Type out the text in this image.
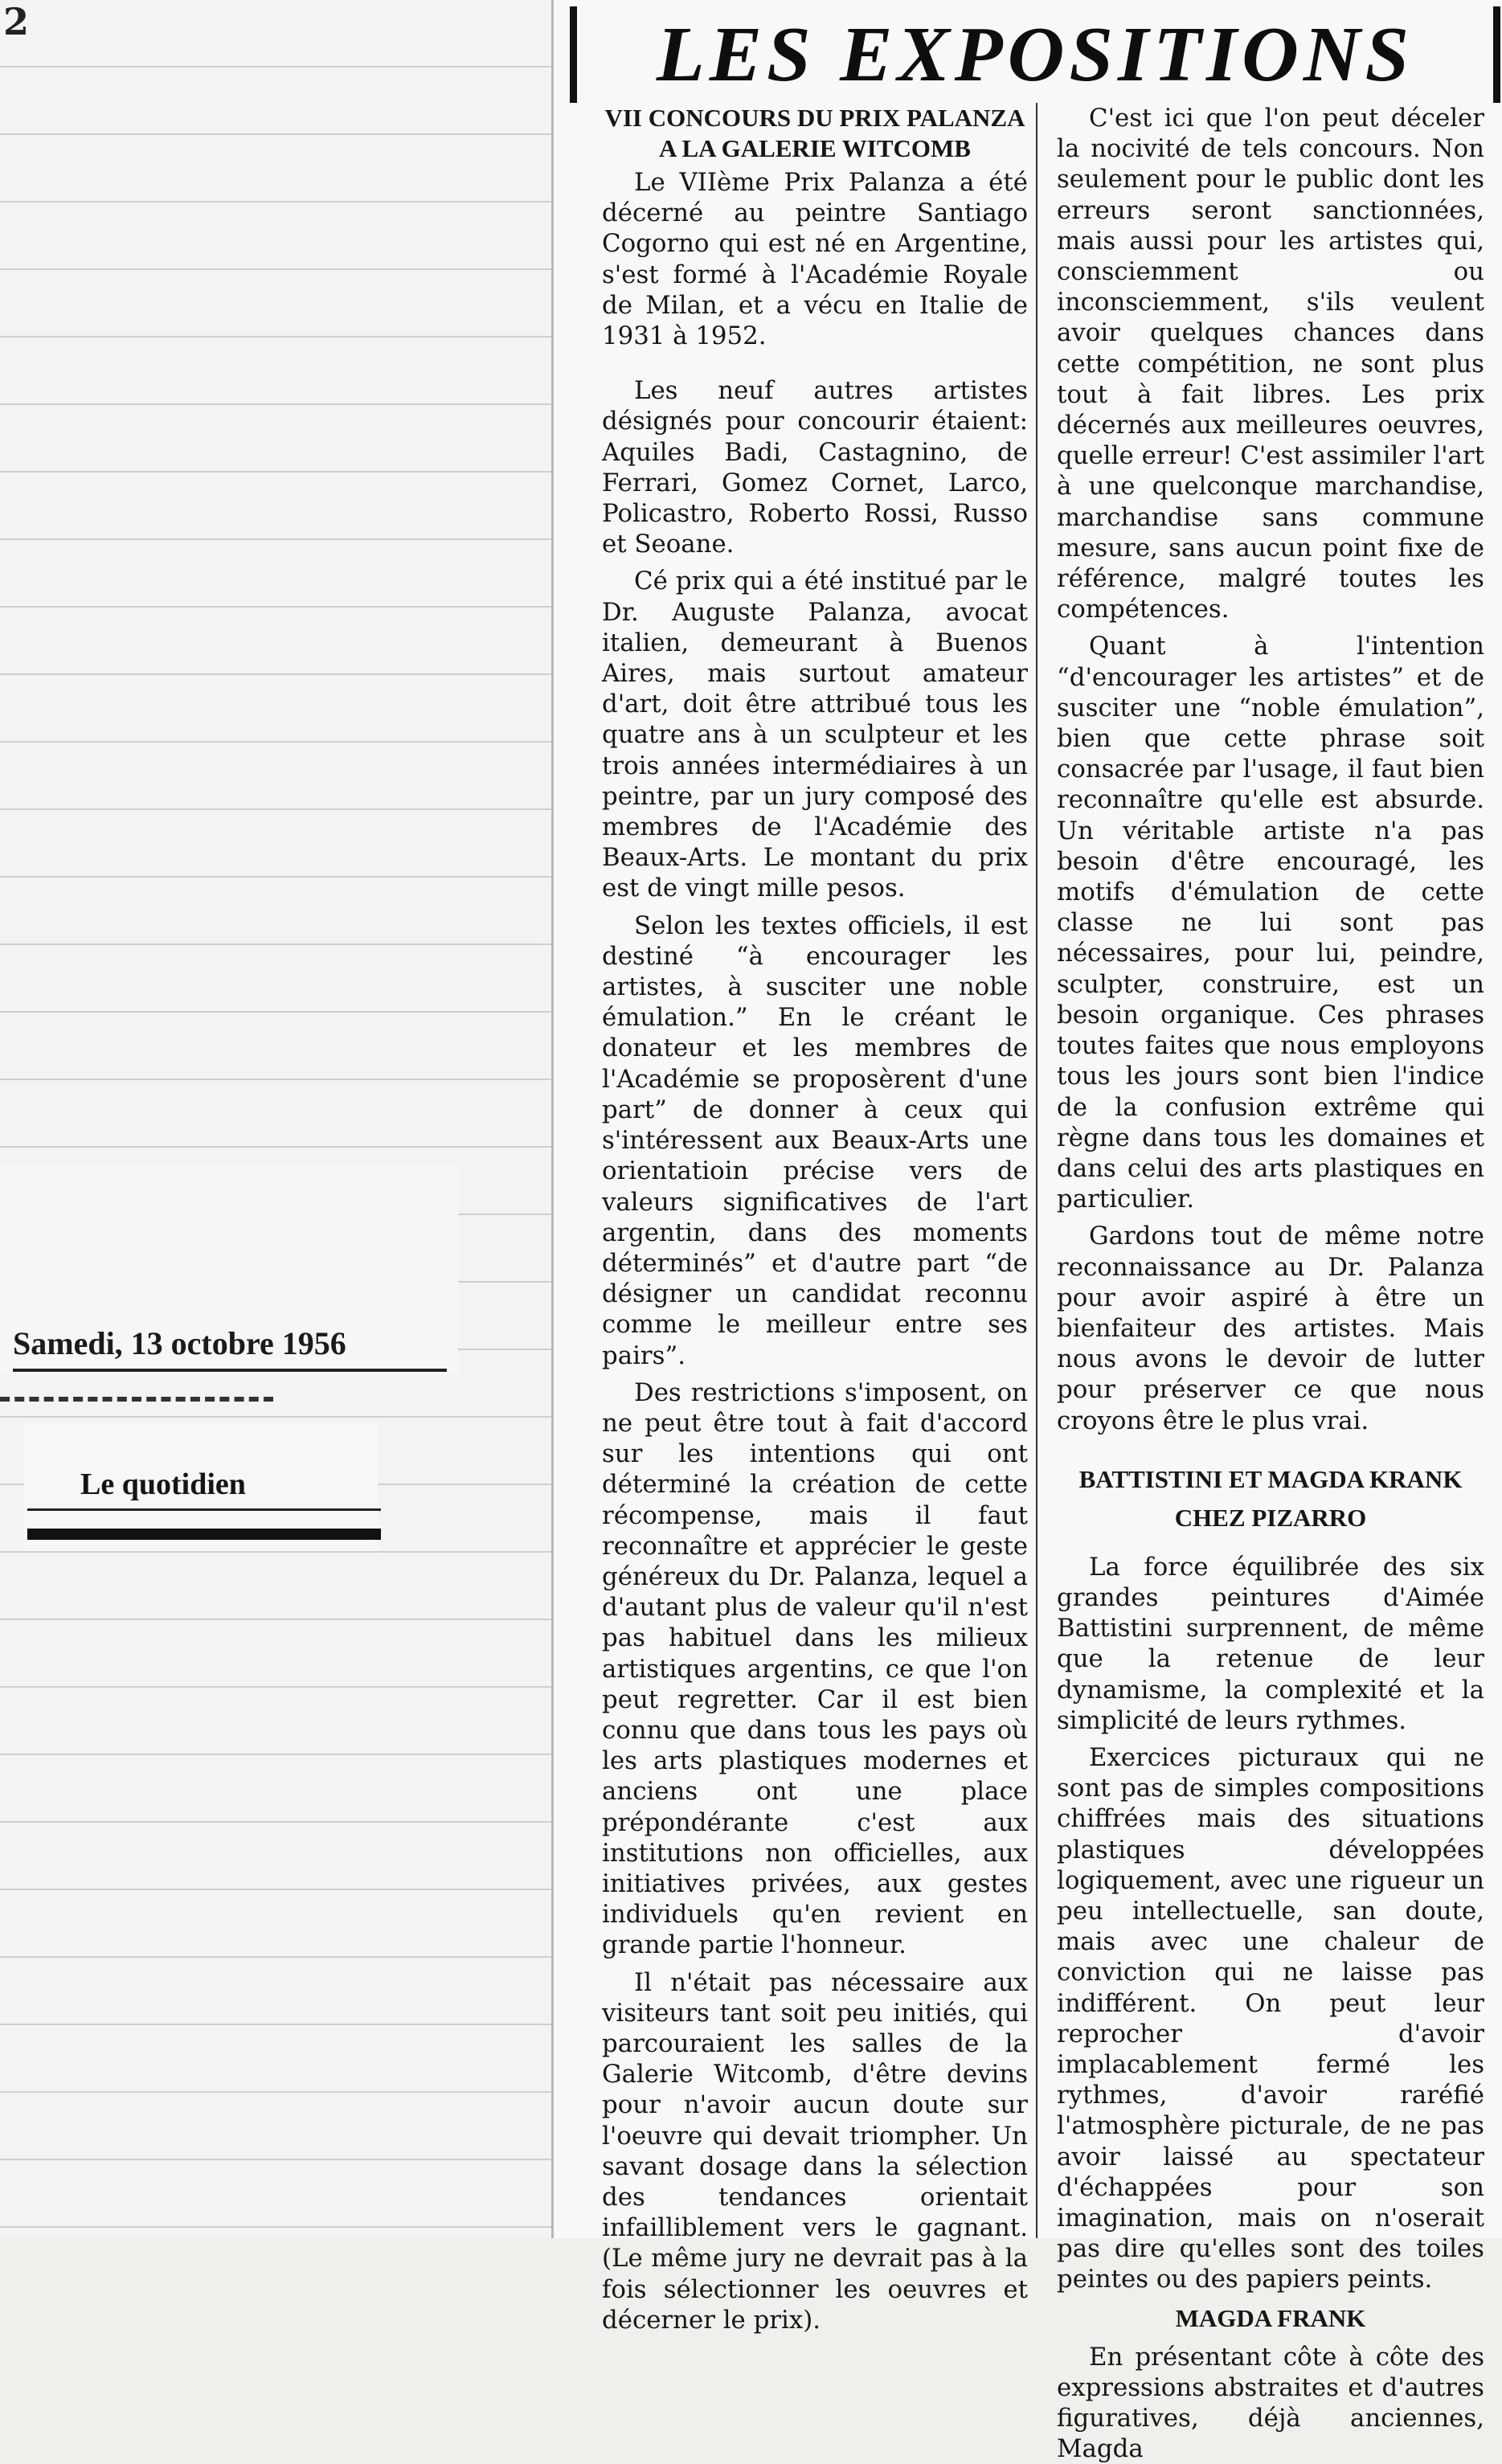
2
Samedi, 13 octobre 1956
Le quotidien
LES EXPOSITIONS
VII CONCOURS DU PRIX PALANZA A LA GALERIE WITCOMB

Le VIIème Prix Palanza a été décerné au peintre Santiago Cogorno qui est né en Argentine, s'est formé à l'Académie Royale de Milan, et a vécu en Italie de 1931 à 1952.

Les neuf autres artistes désignés pour concourir étaient: Aquiles Badi, Castagnino, de Ferrari, Gomez Cornet, Larco, Policastro, Roberto Rossi, Russo et Seoane.

Cé prix qui a été institué par le Dr. Auguste Palanza, avocat italien, demeurant à Buenos Aires, mais surtout amateur d'art, doit être attribué tous les quatre ans à un sculpteur et les trois années intermédiaires à un peintre, par un jury composé des membres de l'Académie des Beaux-Arts. Le montant du prix est de vingt mille pesos.

Selon les textes officiels, il est destiné “à encourager les artistes, à susciter une noble émulation.” En le créant le donateur et les membres de l'Académie se proposèrent d'une part” de donner à ceux qui s'intéressent aux Beaux-Arts une orientatioin précise vers de valeurs significatives de l'art argentin, dans des moments déterminés” et d'autre part “de désigner un candidat reconnu comme le meilleur entre ses pairs”.

Des restrictions s'imposent, on ne peut être tout à fait d'accord sur les intentions qui ont déterminé la création de cette récompense, mais il faut reconnaître et apprécier le geste généreux du Dr. Palanza, lequel a d'autant plus de valeur qu'il n'est pas habituel dans les milieux artistiques argentins, ce que l'on peut regretter. Car il est bien connu que dans tous les pays où les arts plastiques modernes et anciens ont une place prépondérante c'est aux institutions non officielles, aux initiatives privées, aux gestes individuels qu'en revient en grande partie l'honneur.

Il n'était pas nécessaire aux visiteurs tant soit peu initiés, qui parcouraient les salles de la Galerie Witcomb, d'être devins pour n'avoir aucun doute sur l'oeuvre qui devait triompher. Un savant dosage dans la sélection des tendances orientait infailliblement vers le gagnant. (Le même jury ne devrait pas à la fois sélectionner les oeuvres et décerner le prix).

C'est ici que l'on peut déceler la nocivité de tels concours. Non seulement pour le public dont les erreurs seront sanctionnées, mais aussi pour les artistes qui, consciemment ou inconsciemment, s'ils veulent avoir quelques chances dans cette compétition, ne sont plus tout à fait libres. Les prix décernés aux meilleures oeuvres, quelle erreur! C'est assimiler l'art à une quelconque marchandise, marchandise sans commune mesure, sans aucun point fixe de référence, malgré toutes les compétences.

Quant à l'intention “d'encourager les artistes” et de susciter une “noble émulation”, bien que cette phrase soit consacrée par l'usage, il faut bien reconnaître qu'elle est absurde. Un véritable artiste n'a pas besoin d'être encouragé, les motifs d'émulation de cette classe ne lui sont pas nécessaires, pour lui, peindre, sculpter, construire, est un besoin organique. Ces phrases toutes faites que nous employons tous les jours sont bien l'indice de la confusion extrême qui règne dans tous les domaines et dans celui des arts plastiques en particulier.

Gardons tout de même notre reconnaissance au Dr. Palanza pour avoir aspiré à être un bienfaiteur des artistes. Mais nous avons le devoir de lutter pour préserver ce que nous croyons être le plus vrai.

BATTISTINI ET MAGDA KRANK CHEZ PIZARRO

La force équilibrée des six grandes peintures d'Aimée Battistini surprennent, de même que la retenue de leur dynamisme, la complexité et la simplicité de leurs rythmes.

Exercices picturaux qui ne sont pas de simples compositions chiffrées mais des situations plastiques développées logiquement, avec une rigueur un peu intellectuelle, san doute, mais avec une chaleur de conviction qui ne laisse pas indifférent. On peut leur reprocher d'avoir implacablement fermé les rythmes, d'avoir raréfié l'atmosphère picturale, de ne pas avoir laissé au spectateur d'échappées pour son imagination, mais on n'oserait pas dire qu'elles sont des toiles peintes ou des papiers peints.

MAGDA FRANK

En présentant côte à côte des expressions abstraites et d'autres figuratives, déjà anciennes, Magda
